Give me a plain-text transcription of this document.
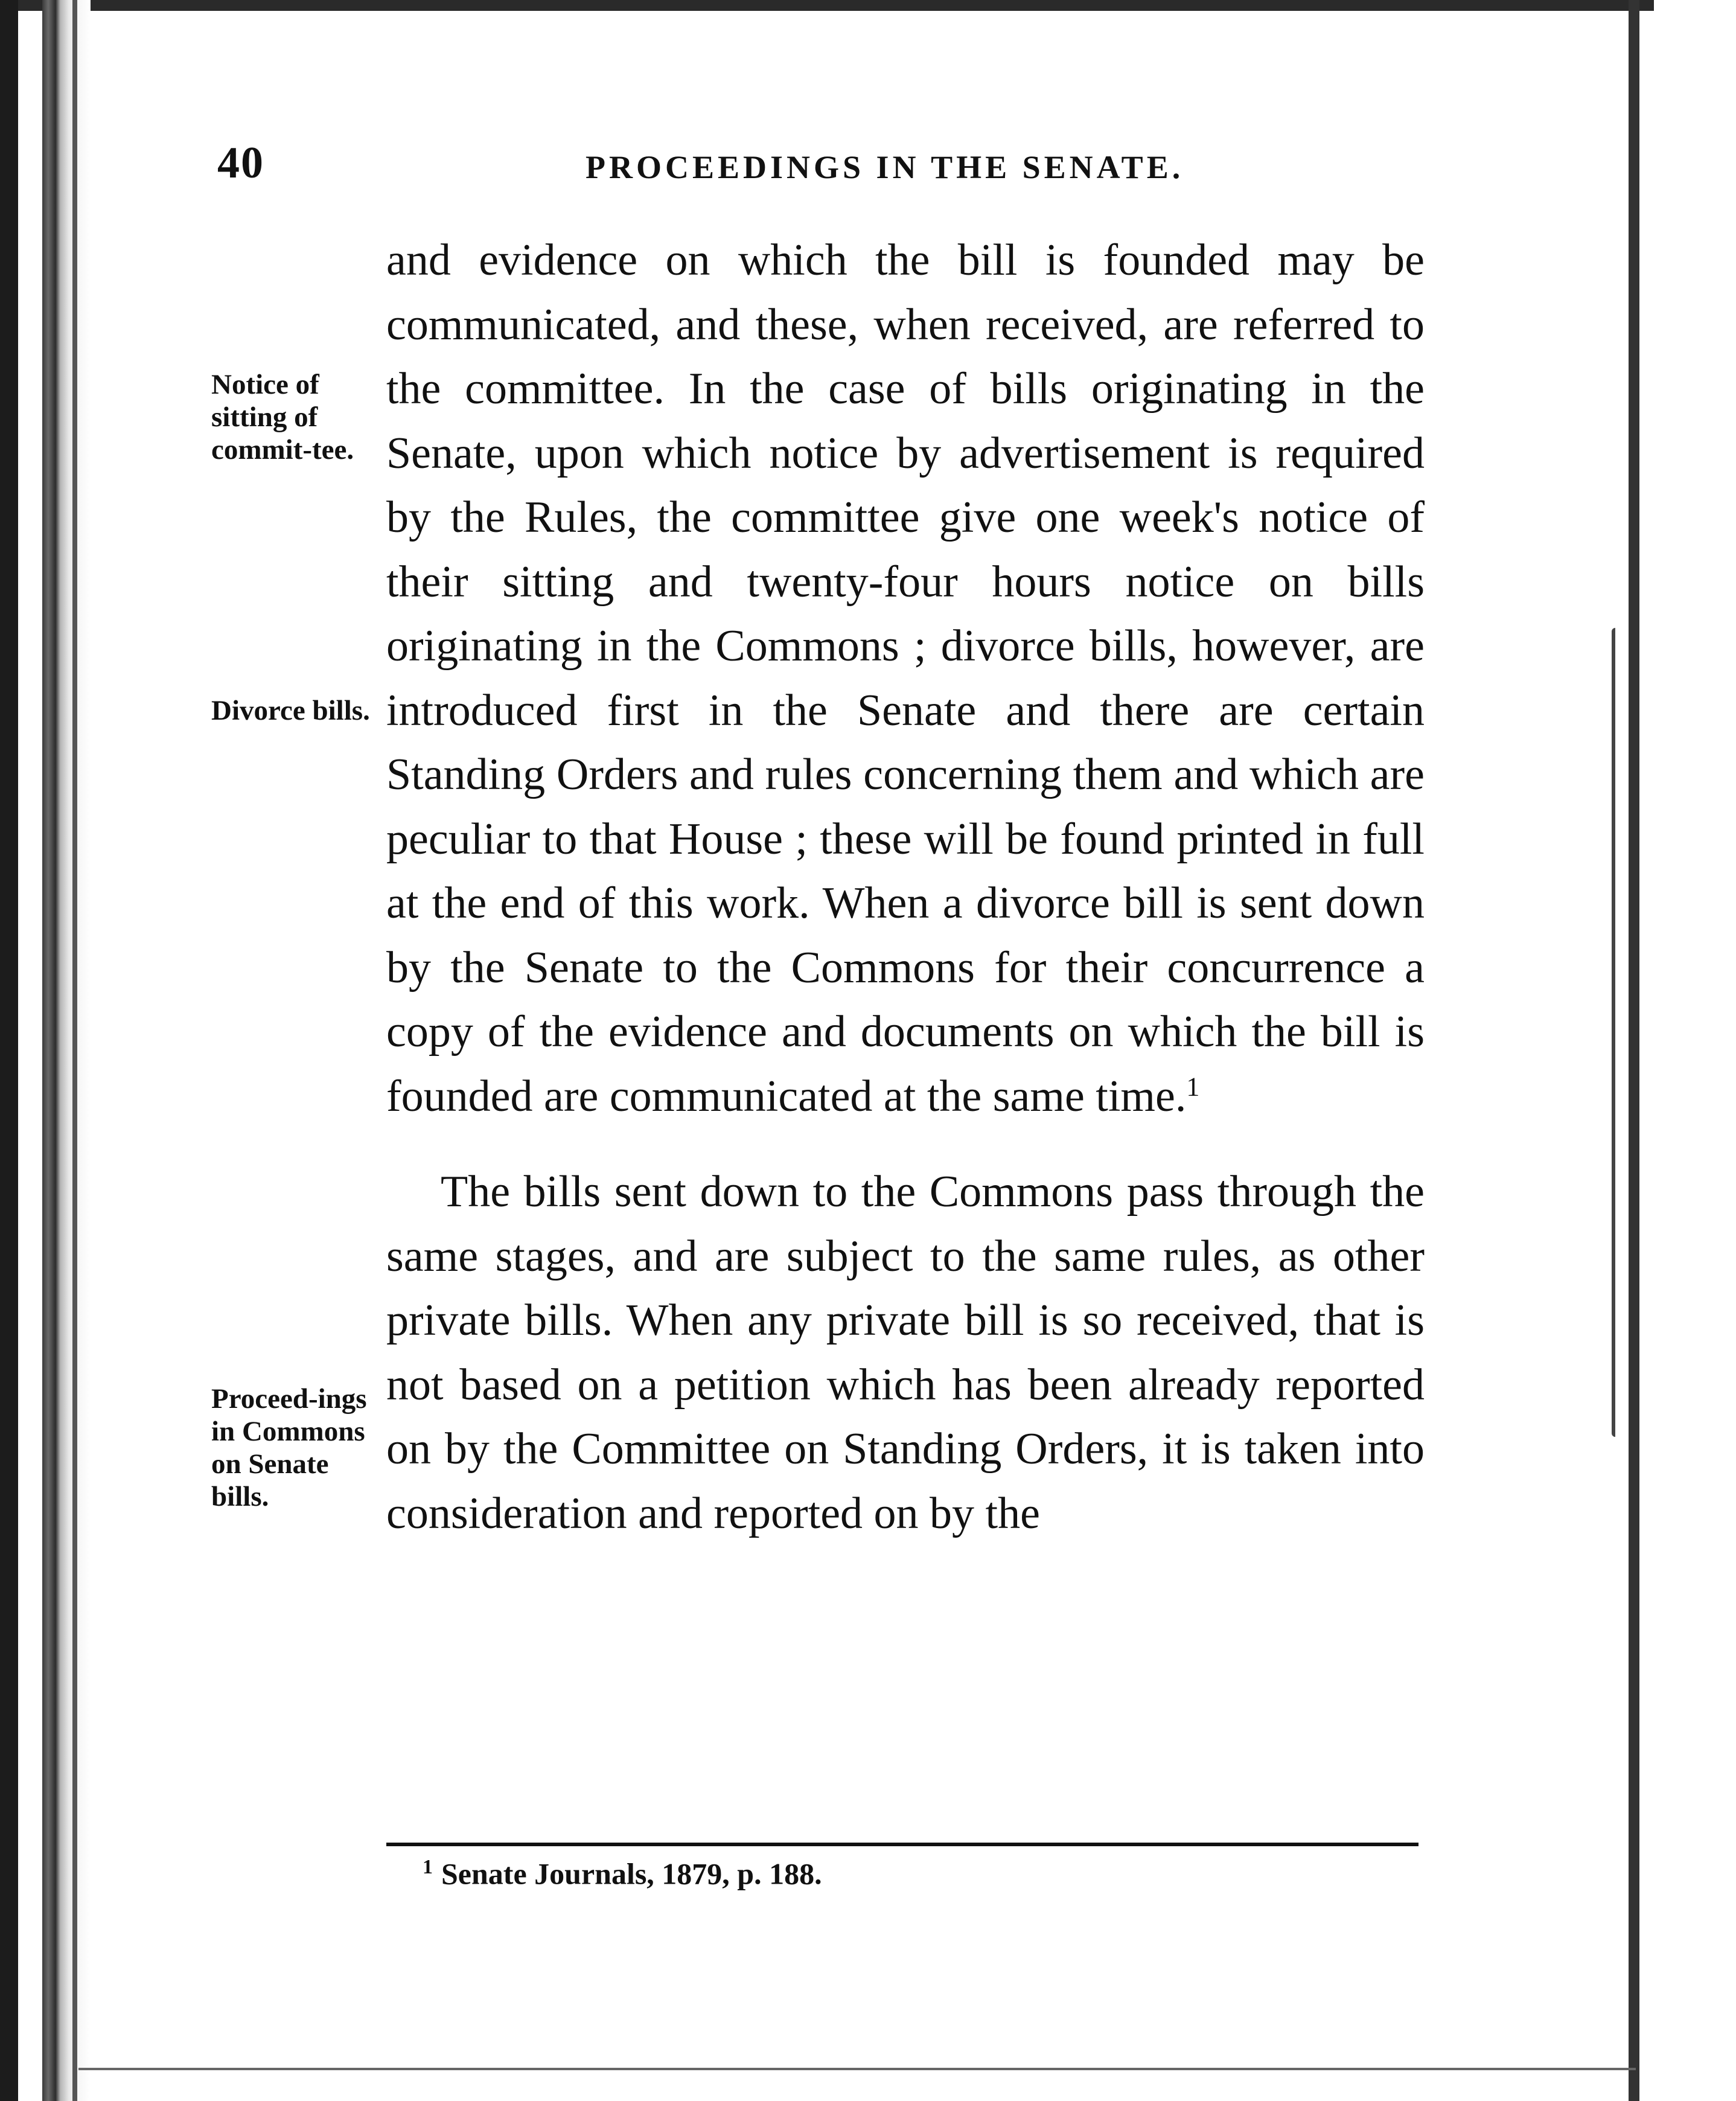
40	PROCEEDINGS IN THE SENATE.
Notice of sitting of commit-tee.
Divorce bills.
Proceed-ings in Commons on Senate bills.

and evidence on which the bill is founded may be communicated, and these, when received, are referred to the committee. In the case of bills originating in the Senate, upon which notice by advertisement is required by the Rules, the committee give one week's notice of their sitting and twenty-four hours notice on bills originating in the Commons ; divorce bills, however, are introduced first in the Senate and there are certain Standing Orders and rules concerning them and which are peculiar to that House ; these will be found printed in full at the end of this work. When a divorce bill is sent down by the Senate to the Commons for their concurrence a copy of the evidence and documents on which the bill is founded are communicated at the same time.$^1$

The bills sent down to the Commons pass through the same stages, and are subject to the same rules, as other private bills. When any private bill is so received, that is not based on a petition which has been already reported on by the Committee on Standing Orders, it is taken into consideration and reported on by the

$^1$ Senate Journals, 1879, p. 188.
